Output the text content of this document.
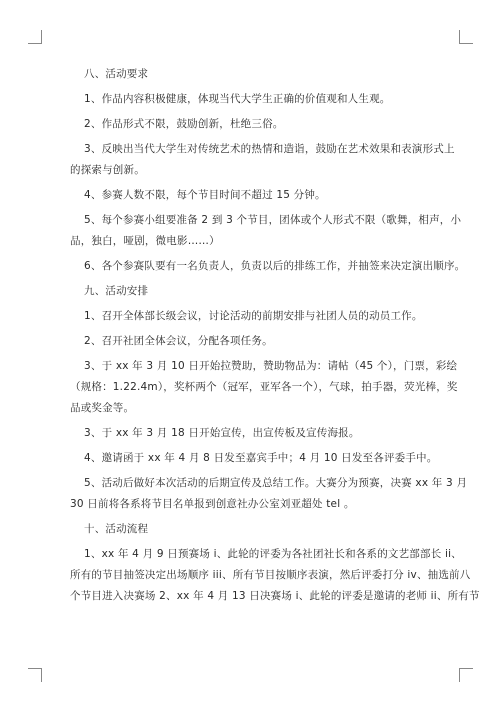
八、活动要求
1、作品内容积极健康，体现当代大学生正确的价值观和人生观。
2、作品形式不限，鼓励创新，杜绝三俗。
3、反映出当代大学生对传统艺术的热情和造诣，鼓励在艺术效果和表演形式上
的探索与创新。
4、参赛人数不限，每个节目时间不超过 15 分钟。
5、每个参赛小组要准备 2 到 3 个节目，团体或个人形式不限（歌舞，相声，小
品，独白，哑剧，微电影……）
6、各个参赛队要有一名负责人，负责以后的排练工作，并抽签来决定演出顺序。
九、活动安排
1、召开全体部长级会议，讨论活动的前期安排与社团人员的动员工作。
2、召开社团全体会议，分配各项任务。
3、于 xx 年 3 月 10 日开始拉赞助，赞助物品为：请帖（45 个），门票，彩绘
（规格：1.22.4m），奖杯两个（冠军，亚军各一个），气球，拍手器，荧光棒，奖
品或奖金等。
3、于 xx 年 3 月 18 日开始宣传，出宣传板及宣传海报。
4、邀请函于 xx 年 4 月 8 日发至嘉宾手中；4 月 10 日发至各评委手中。
5、活动后做好本次活动的后期宣传及总结工作。大赛分为预赛，决赛 xx 年 3 月
30 日前将各系将节目名单报到创意社办公室刘亚超处 tel 。
十、活动流程
1、xx 年 4 月 9 日预赛场 i、此轮的评委为各社团社长和各系的文艺部部长 ii、
所有的节目抽签决定出场顺序 iii、所有节目按顺序表演，然后评委打分 iv、抽选前八
个节目进入决赛场 2、xx 年 4 月 13 日决赛场 i、此轮的评委是邀请的老师 ii、所有节
